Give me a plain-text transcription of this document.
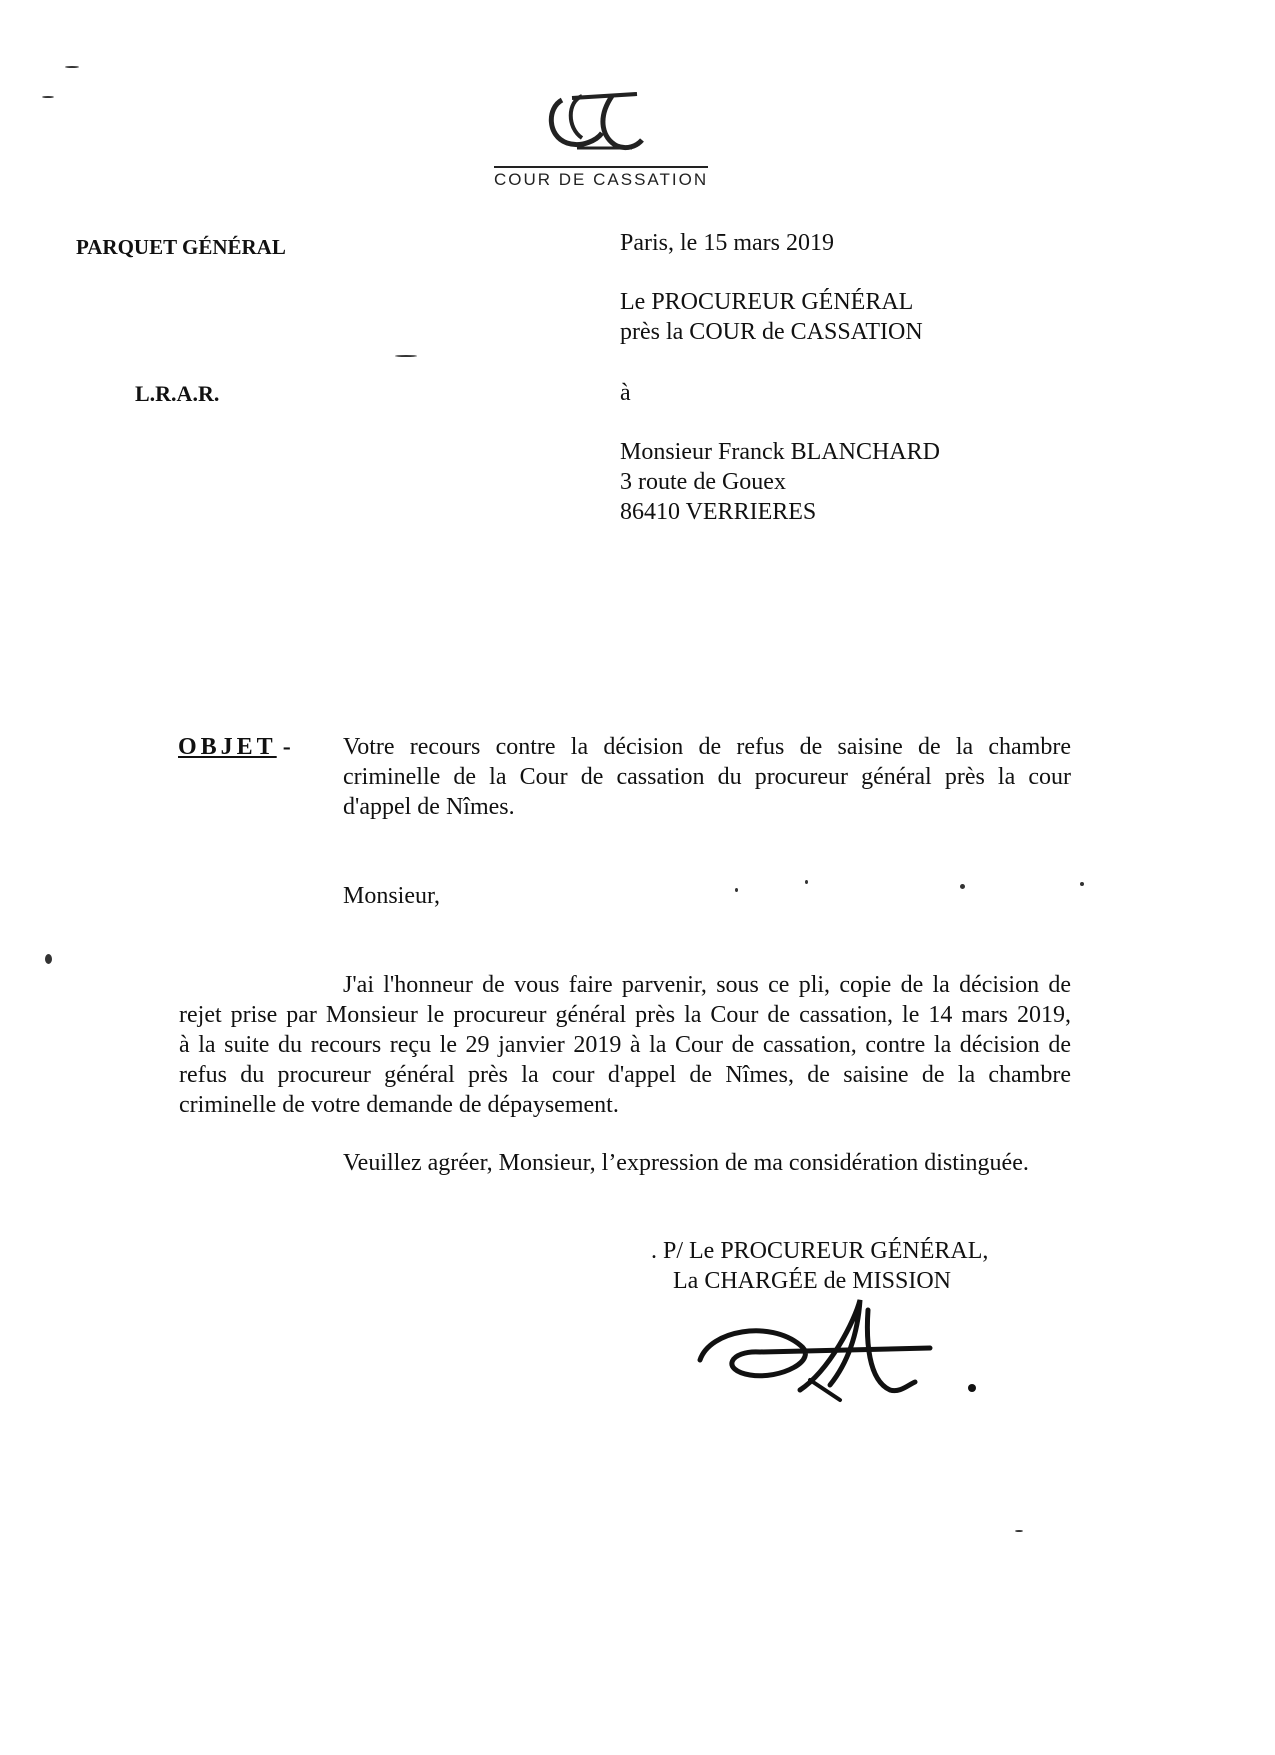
COUR DE CASSATION
PARQUET GÉNÉRAL
L.R.A.R.
Paris, le 15 mars 2019
Le PROCUREUR GÉNÉRAL
près la COUR de CASSATION
à
Monsieur Franck BLANCHARD
3 route de Gouex
86410 VERRIERES
OBJET - Votre recours contre la décision de refus de saisine de la chambre
criminelle de la Cour de cassation du procureur général près la cour
d'appel de Nîmes.
Monsieur,
J'ai l'honneur de vous faire parvenir, sous ce pli, copie de la décision de
rejet prise par Monsieur le procureur général près la Cour de cassation, le 14 mars 2019,
à la suite du recours reçu le 29 janvier 2019 à la Cour de cassation, contre la décision de
refus du procureur général près la cour d'appel de Nîmes, de saisine de la chambre
criminelle de votre demande de dépaysement.
Veuillez agréer, Monsieur, l’expression de ma considération distinguée.
. P/ Le PROCUREUR GÉNÉRAL,
La CHARGÉE de MISSION
